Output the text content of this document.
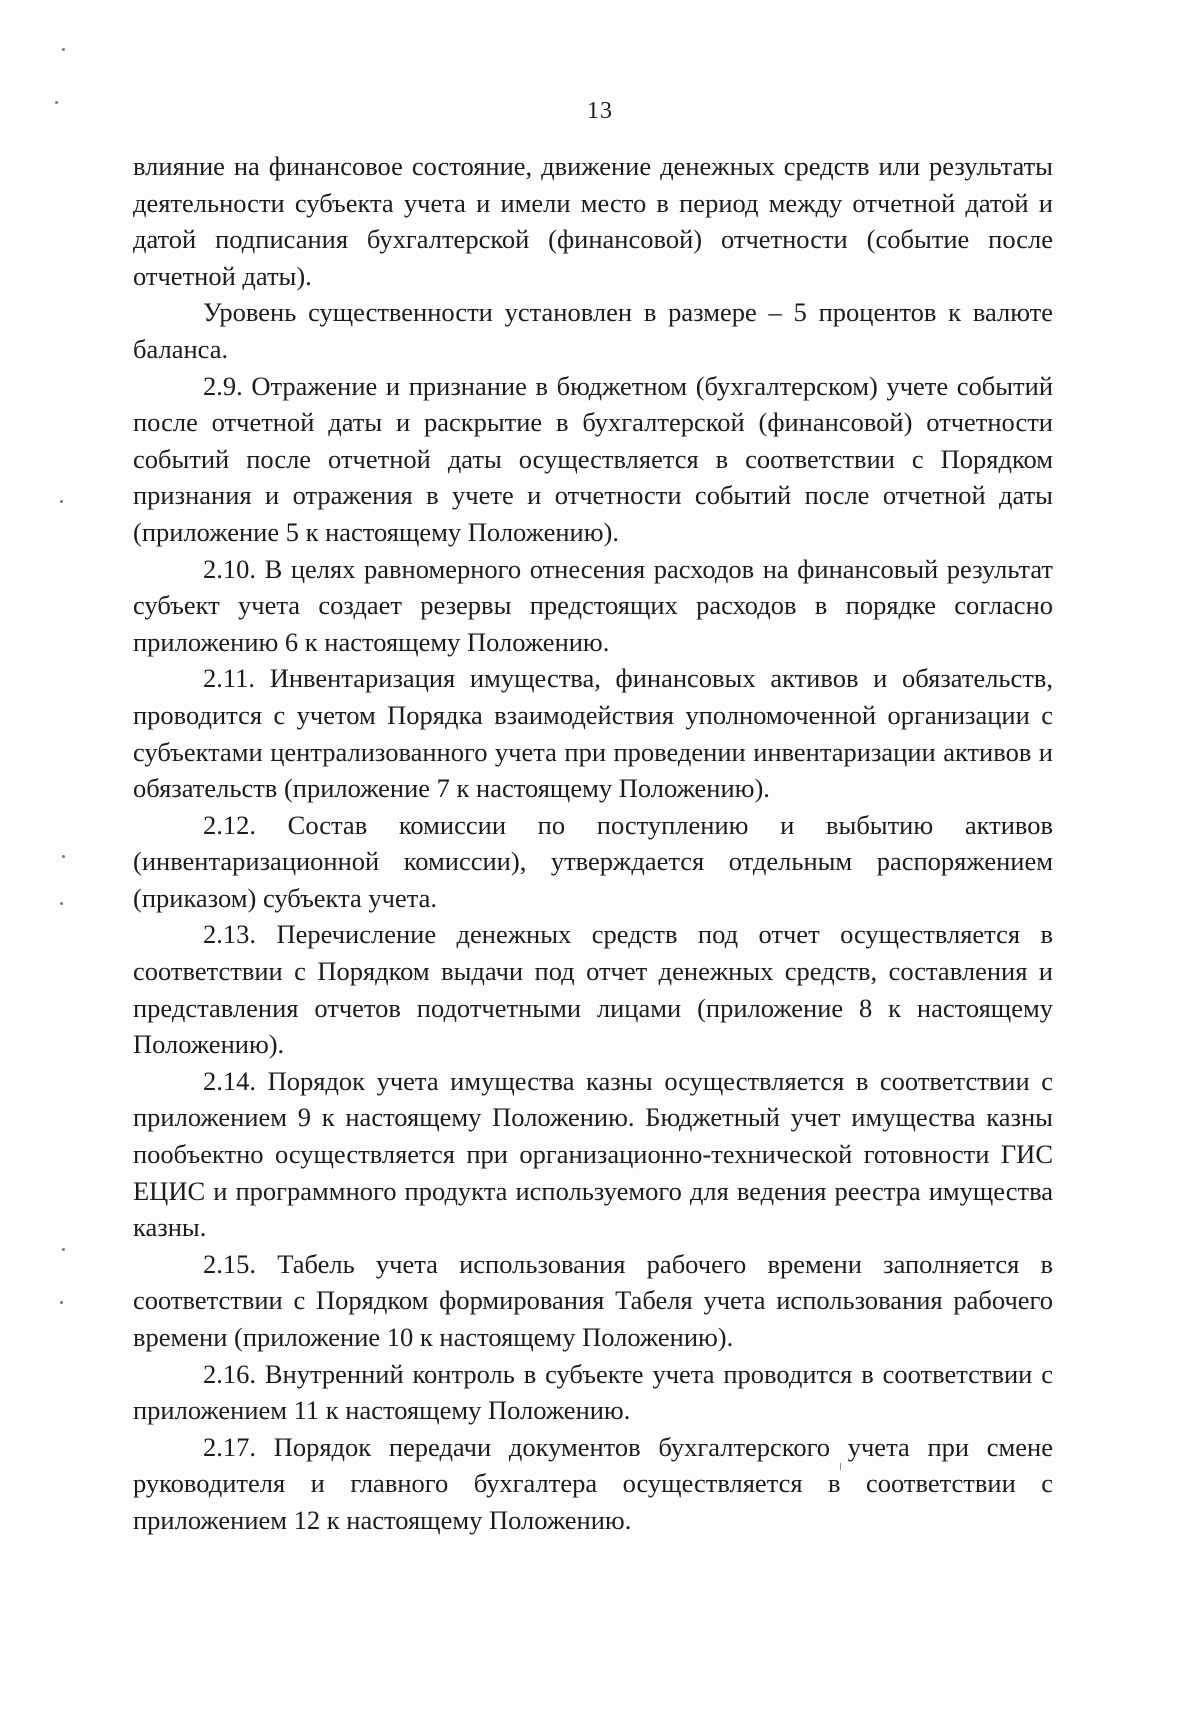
13

влияние на финансовое состояние, движение денежных средств или результаты деятельности субъекта учета и имели место в период между отчетной датой и датой подписания бухгалтерской (финансовой) отчетности (событие после отчетной даты).

Уровень существенности установлен в размере – 5 процентов к валюте баланса.

2.9. Отражение и признание в бюджетном (бухгалтерском) учете событий после отчетной даты и раскрытие в бухгалтерской (финансовой) отчетности событий после отчетной даты осуществляется в соответствии с Порядком признания и отражения в учете и отчетности событий после отчетной даты (приложение 5 к настоящему Положению).

2.10. В целях равномерного отнесения расходов на финансовый результат субъект учета создает резервы предстоящих расходов в порядке согласно приложению 6 к настоящему Положению.

2.11. Инвентаризация имущества, финансовых активов и обязательств, проводится с учетом Порядка взаимодействия уполномоченной организации с субъектами централизованного учета при проведении инвентаризации активов и обязательств (приложение 7 к настоящему Положению).

2.12. Состав комиссии по поступлению и выбытию активов (инвентаризационной комиссии), утверждается отдельным распоряжением (приказом) субъекта учета.

2.13. Перечисление денежных средств под отчет осуществляется в соответствии с Порядком выдачи под отчет денежных средств, составления и представления отчетов подотчетными лицами (приложение 8 к настоящему Положению).

2.14. Порядок учета имущества казны осуществляется в соответствии с приложением 9 к настоящему Положению. Бюджетный учет имущества казны пообъектно осуществляется при организационно-технической готовности ГИС ЕЦИС и программного продукта используемого для ведения реестра имущества казны.

2.15. Табель учета использования рабочего времени заполняется в соответствии с Порядком формирования Табеля учета использования рабочего времени (приложение 10 к настоящему Положению).

2.16. Внутренний контроль в субъекте учета проводится в соответствии с приложением 11 к настоящему Положению.

2.17. Порядок передачи документов бухгалтерского учета при смене руководителя и главного бухгалтера осуществляется в соответствии с приложением 12 к настоящему Положению.
